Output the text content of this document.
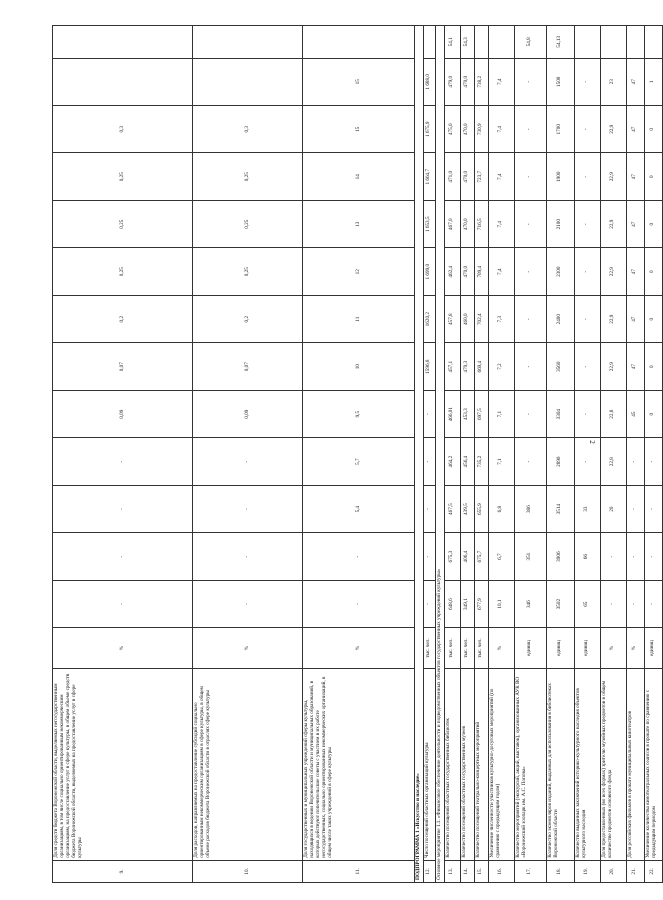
2
9.	Доля средств бюджета Воронежской области, выделяемых негосударственным организациям, в том числе социально ориентированным некоммерческим организациям, на предоставление услуг в сфере культуры, в общем объеме средств бюджета Воронежской области, выделяемых на предоставление услуг в сфере культуры	%	-	-	-	-	0,09	0,07	0,2	0,25	0,25	0,25	0,3		
10.	Доля расходов, направляемых на предоставление субсидий социально ориентированным некоммерческим организациям в сфере культуры, в общем объеме расходов бюджета Воронежской области в отраслях сфере культуры	%	-	-	-	-	0,09	0,07	0,2	0,25	0,25	0,25	0,3		
11.	Доля государственных и муниципальных учреждений сферы культуры, находящихся в ведении Воронежской области и муниципальных образований, в которых действуют попечительские советы с участием в их работе негосударственных, социально ориентированных некоммерческих организаций, в общем числе таких учреждений в сфере культуры	%	-	-	5,4	5,7	9,5	10	11	12	13	14	15	15	
ПОДПРОГРАММА 1 «Искусство и наследие»															
12.	Число посещений областных организаций культуры	тыс. чел.	-	-	-	-	-	1596,8	1620,2	1 699,0	1 653,5	1 664,7	1 675,9	1 688,0	
Основное мероприятие 1.1. «Финансовое обеспечение деятельности и подведомственных объектов государственных учреждений культуры»															
13.	Количество посещений областных государственных библиотек	тыс. чел.	648,6	675,3	467,5	464,2	466,01	457,1	457,8	462,4	467,0	471,0	475,0	479,0	54,1
14.	Количество посещений областных государственных музеев	тыс. чел.	349,1	406,4	439,5	456,4	453,3	470,3	460,0	470,0	470,0	470,0	470,0	470,0	54,3
15.	Количество посещений театрально-концертных мероприятий	тыс. чел.	677,9	675,7	655,9	735,2	697,5	669,4	702,4	709,4	716,5	723,7	730,9	738,2	
16.	Увеличение численности участников культурно-досуговых мероприятий (по сравнению с предыдущим годом)	%	10,1	6,7	6,8	7,1	7,1	7,2	7,3	7,4	7,4	7,4	7,4	7,4	
17.	Количество мероприятий (экскурсий, акций, выставок), организованных АУК ВО «Воронежский зоопарк им. А.С. Попова»	единиц	346	351	386	-	-	-	-	-	-	-	-	-	54,8
18.	Количество экземпляров изданий, выданных для использования в библиотеках Воронежской области	единиц	3502	3906	3514	2890	3304	3560	2400	2300	2100	1900	1700	1500	54,13
19.	Количество выданных заключений историко-культурного наследия объектов культурного наследия	единиц	65	66	33	-	-	-	-	-	-	-	-	-	
20.	Доля предоставленных (во всех формах) зрителю музейных предметов в общем количестве предметов основного фонда	%	-	-	20	22,8	22,8	22,9	22,9	22,9	22,9	22,9	22,9	23	
21.	Доля российских фильмов в прокате муниципальных кинотеатров	%	-	-	-	-	45	47	47	47	47	47	47	47	
22.	Увеличение количества кинотеатральных сеансов в прокате по сравнению с предыдущим периодом	единиц	-	-	-	-	0	0	0	0	0	0	0	1	
